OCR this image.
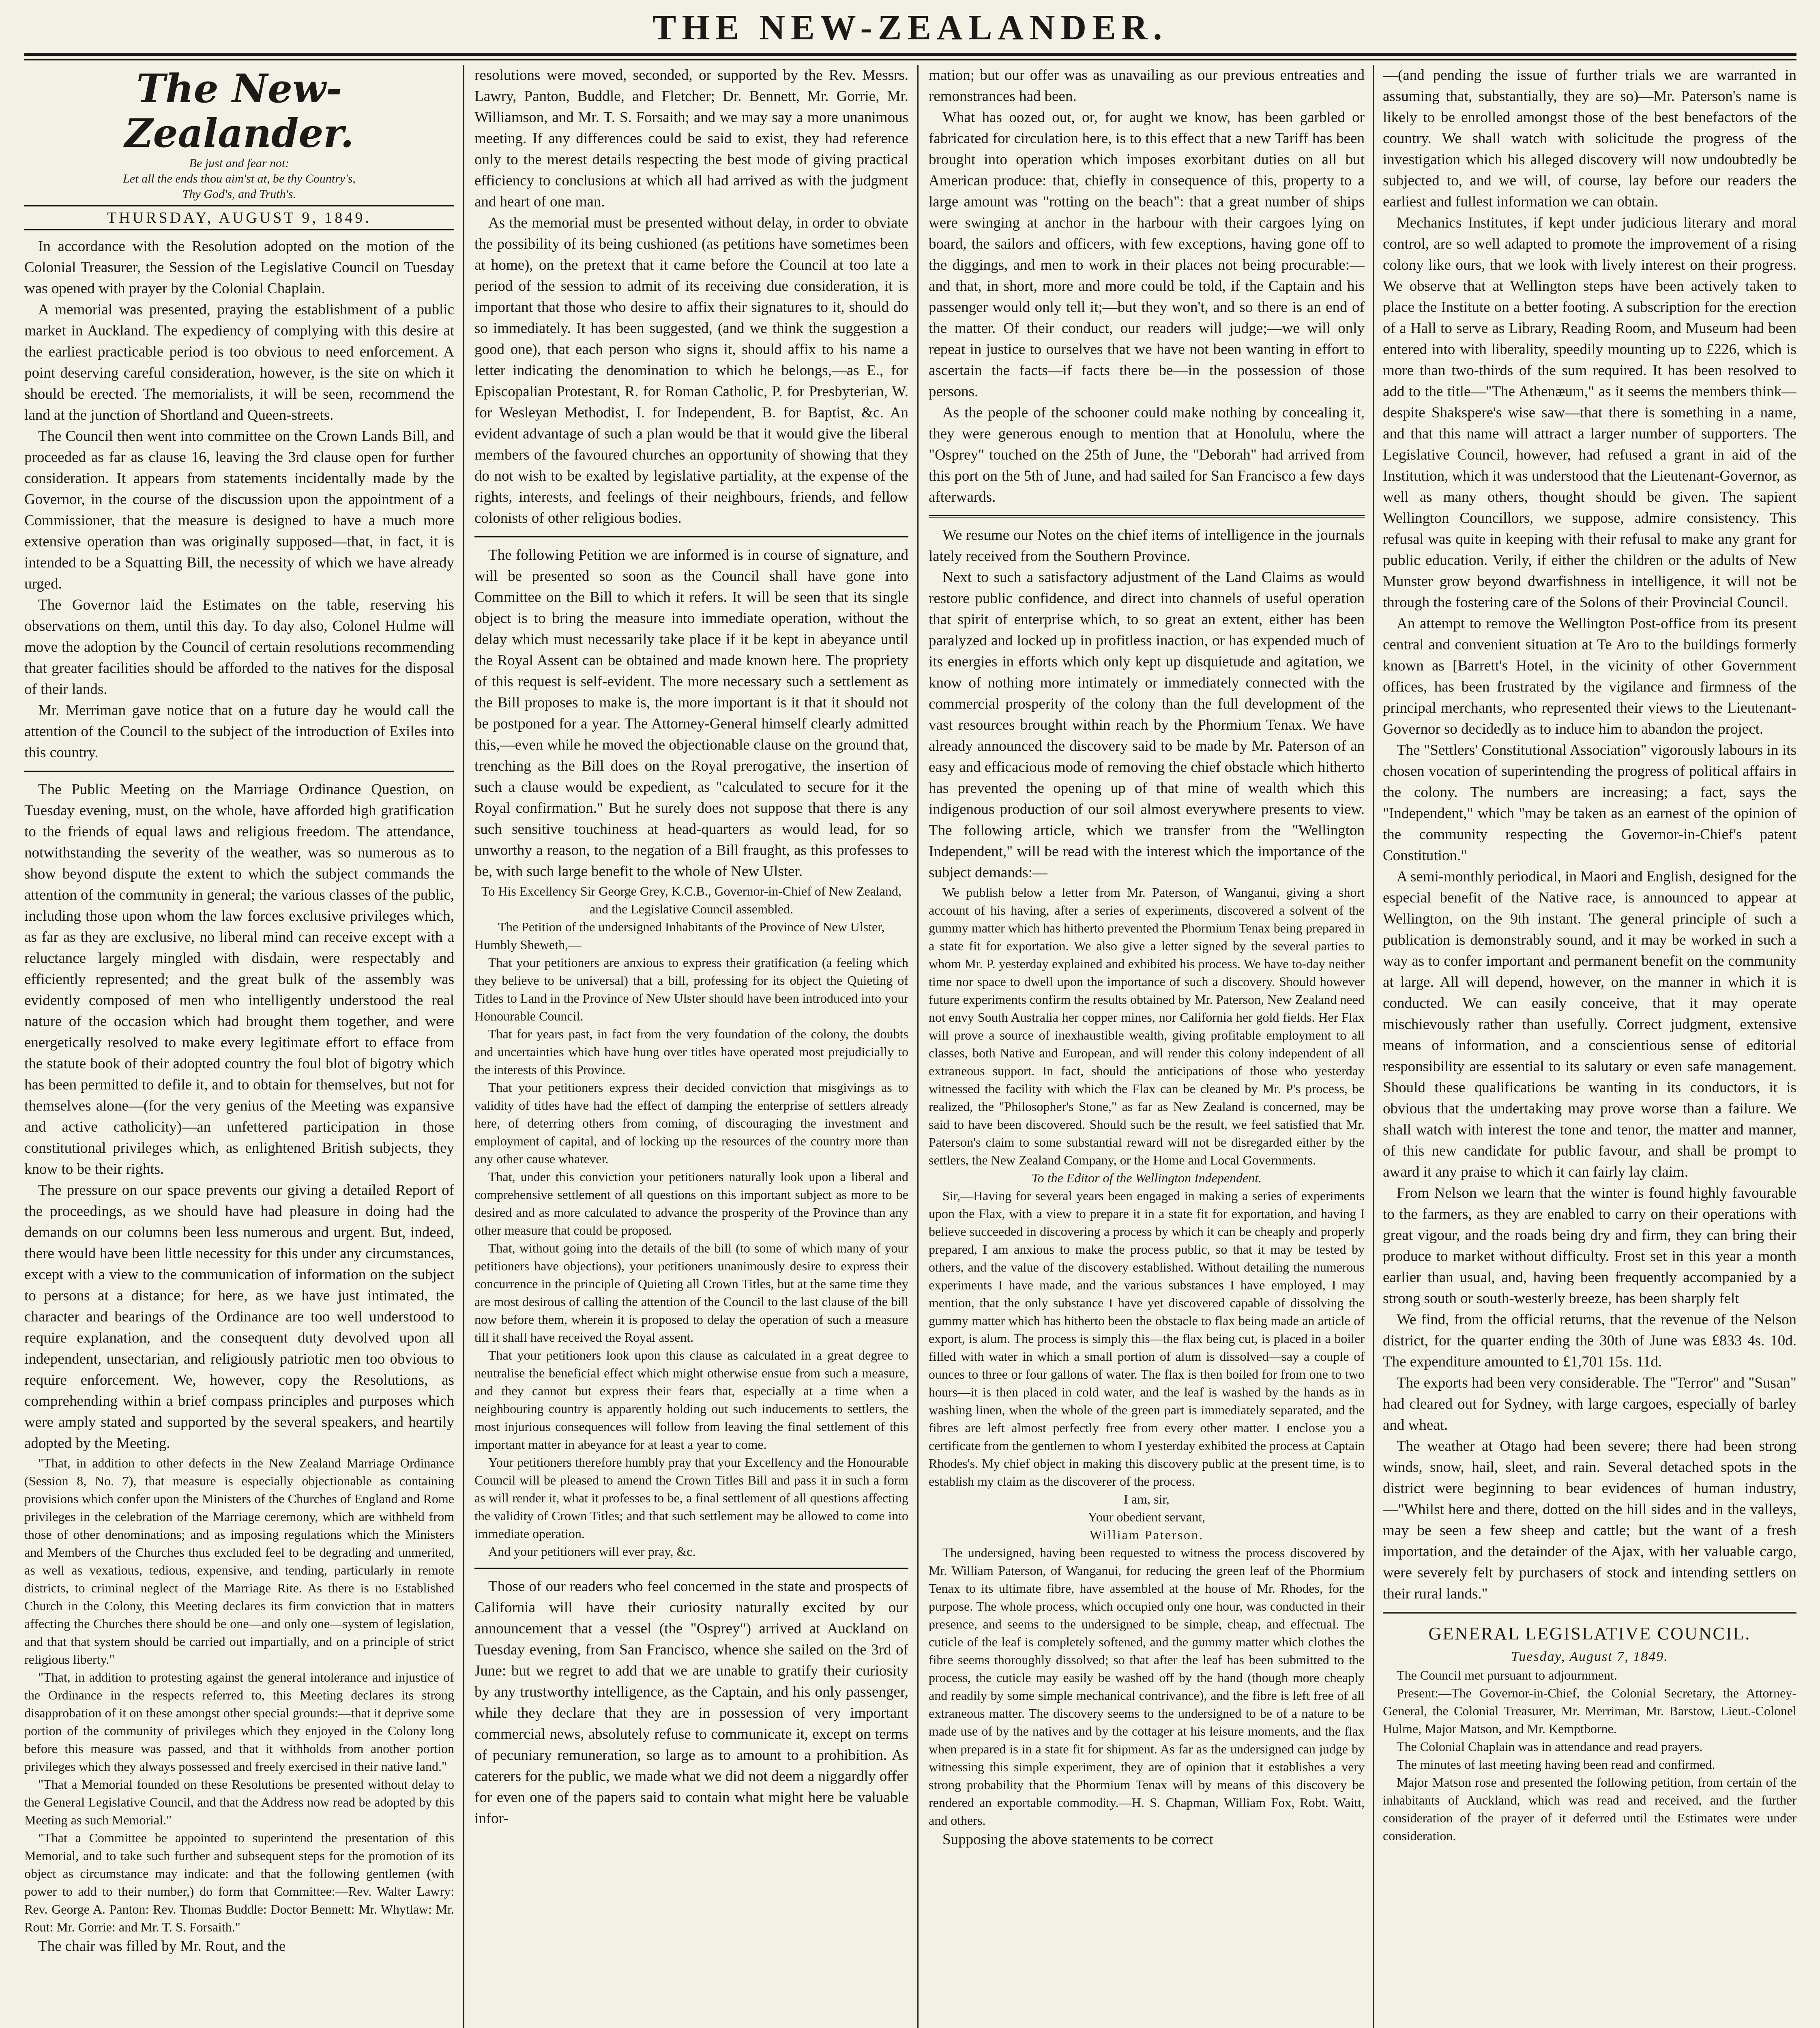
THE NEW-ZEALANDER.
The New-Zealander.
Be just and fear not:
Let all the ends thou aim'st at, be thy Country's,
Thy God's, and Truth's.
THURSDAY, AUGUST 9, 1849.

In accordance with the Resolution adopted on the motion of the Colonial Treasurer, the Session of the Legislative Council on Tuesday was opened with prayer by the Colonial Chaplain.

A memorial was presented, praying the establishment of a public market in Auckland. The expediency of complying with this desire at the earliest practicable period is too obvious to need enforcement. A point deserving careful consideration, however, is the site on which it should be erected. The memorialists, it will be seen, recommend the land at the junction of Shortland and Queen-streets.

The Council then went into committee on the Crown Lands Bill, and proceeded as far as clause 16, leaving the 3rd clause open for further consideration. It appears from statements incidentally made by the Governor, in the course of the discussion upon the appointment of a Commissioner, that the measure is designed to have a much more extensive operation than was originally supposed—that, in fact, it is intended to be a Squatting Bill, the necessity of which we have already urged.

The Governor laid the Estimates on the table, reserving his observations on them, until this day. To day also, Colonel Hulme will move the adoption by the Council of certain resolutions recommending that greater facilities should be afforded to the natives for the disposal of their lands.

Mr. Merriman gave notice that on a future day he would call the attention of the Council to the subject of the introduction of Exiles into this country.

The Public Meeting on the Marriage Ordinance Question, on Tuesday evening, must, on the whole, have afforded high gratification to the friends of equal laws and religious freedom. The attendance, notwithstanding the severity of the weather, was so numerous as to show beyond dispute the extent to which the subject commands the attention of the community in general; the various classes of the public, including those upon whom the law forces exclusive privileges which, as far as they are exclusive, no liberal mind can receive except with a reluctance largely mingled with disdain, were respectably and efficiently represented; and the great bulk of the assembly was evidently composed of men who intelligently understood the real nature of the occasion which had brought them together, and were energetically resolved to make every legitimate effort to efface from the statute book of their adopted country the foul blot of bigotry which has been permitted to defile it, and to obtain for themselves, but not for themselves alone—(for the very genius of the Meeting was expansive and active catholicity)—an unfettered participation in those constitutional privileges which, as enlightened British subjects, they know to be their rights.

The pressure on our space prevents our giving a detailed Report of the proceedings, as we should have had pleasure in doing had the demands on our columns been less numerous and urgent. But, indeed, there would have been little necessity for this under any circumstances, except with a view to the communication of information on the subject to persons at a distance; for here, as we have just intimated, the character and bearings of the Ordinance are too well understood to require explanation, and the consequent duty devolved upon all independent, unsectarian, and religiously patriotic men too obvious to require enforcement. We, however, copy the Resolutions, as comprehending within a brief compass principles and purposes which were amply stated and supported by the several speakers, and heartily adopted by the Meeting.

"That, in addition to other defects in the New Zealand Marriage Ordinance (Session 8, No. 7), that measure is especially objectionable as containing provisions which confer upon the Ministers of the Churches of England and Rome privileges in the celebration of the Marriage ceremony, which are withheld from those of other denominations; and as imposing regulations which the Ministers and Members of the Churches thus excluded feel to be degrading and unmerited, as well as vexatious, tedious, expensive, and tending, particularly in remote districts, to criminal neglect of the Marriage Rite. As there is no Established Church in the Colony, this Meeting declares its firm conviction that in matters affecting the Churches there should be one—and only one—system of legislation, and that that system should be carried out impartially, and on a principle of strict religious liberty."

"That, in addition to protesting against the general intolerance and injustice of the Ordinance in the respects referred to, this Meeting declares its strong disapprobation of it on these amongst other special grounds:—that it deprive some portion of the community of privileges which they enjoyed in the Colony long before this measure was passed, and that it withholds from another portion privileges which they always possessed and freely exercised in their native land."

"That a Memorial founded on these Resolutions be presented without delay to the General Legislative Council, and that the Address now read be adopted by this Meeting as such Memorial."

"That a Committee be appointed to superintend the presentation of this Memorial, and to take such further and subsequent steps for the promotion of its object as circumstance may indicate: and that the following gentlemen (with power to add to their number,) do form that Committee:—Rev. Walter Lawry: Rev. George A. Panton: Rev. Thomas Buddle: Doctor Bennett: Mr. Whytlaw: Mr. Rout: Mr. Gorrie: and Mr. T. S. Forsaith."

The chair was filled by Mr. Rout, and the

resolutions were moved, seconded, or supported by the Rev. Messrs. Lawry, Panton, Buddle, and Fletcher; Dr. Bennett, Mr. Gorrie, Mr. Williamson, and Mr. T. S. Forsaith; and we may say a more unanimous meeting. If any differences could be said to exist, they had reference only to the merest details respecting the best mode of giving practical efficiency to conclusions at which all had arrived as with the judgment and heart of one man.

As the memorial must be presented without delay, in order to obviate the possibility of its being cushioned (as petitions have sometimes been at home), on the pretext that it came before the Council at too late a period of the session to admit of its receiving due consideration, it is important that those who desire to affix their signatures to it, should do so immediately. It has been suggested, (and we think the suggestion a good one), that each person who signs it, should affix to his name a letter indicating the denomination to which he belongs,—as E., for Episcopalian Protestant, R. for Roman Catholic, P. for Presbyterian, W. for Wesleyan Methodist, I. for Independent, B. for Baptist, &c. An evident advantage of such a plan would be that it would give the liberal members of the favoured churches an opportunity of showing that they do not wish to be exalted by legislative partiality, at the expense of the rights, interests, and feelings of their neighbours, friends, and fellow colonists of other religious bodies.

The following Petition we are informed is in course of signature, and will be presented so soon as the Council shall have gone into Committee on the Bill to which it refers. It will be seen that its single object is to bring the measure into immediate operation, without the delay which must necessarily take place if it be kept in abeyance until the Royal Assent can be obtained and made known here. The propriety of this request is self-evident. The more necessary such a settlement as the Bill proposes to make is, the more important is it that it should not be postponed for a year. The Attorney-General himself clearly admitted this,—even while he moved the objectionable clause on the ground that, trenching as the Bill does on the Royal prerogative, the insertion of such a clause would be expedient, as "calculated to secure for it the Royal confirmation." But he surely does not suppose that there is any such sensitive touchiness at head-quarters as would lead, for so unworthy a reason, to the negation of a Bill fraught, as this professes to be, with such large benefit to the whole of New Ulster.

To His Excellency Sir George Grey, K.C.B., Governor-in-Chief of New Zealand, and the Legislative Council assembled.

The Petition of the undersigned Inhabitants of the Province of New Ulster,

Humbly Sheweth,—

That your petitioners are anxious to express their gratification (a feeling which they believe to be universal) that a bill, professing for its object the Quieting of Titles to Land in the Province of New Ulster should have been introduced into your Honourable Council.

That for years past, in fact from the very foundation of the colony, the doubts and uncertainties which have hung over titles have operated most prejudicially to the interests of this Province.

That your petitioners express their decided conviction that misgivings as to validity of titles have had the effect of damping the enterprise of settlers already here, of deterring others from coming, of discouraging the investment and employment of capital, and of locking up the resources of the country more than any other cause whatever.

That, under this conviction your petitioners naturally look upon a liberal and comprehensive settlement of all questions on this important subject as more to be desired and as more calculated to advance the prosperity of the Province than any other measure that could be proposed.

That, without going into the details of the bill (to some of which many of your petitioners have objections), your petitioners unanimously desire to express their concurrence in the principle of Quieting all Crown Titles, but at the same time they are most desirous of calling the attention of the Council to the last clause of the bill now before them, wherein it is proposed to delay the operation of such a measure till it shall have received the Royal assent.

That your petitioners look upon this clause as calculated in a great degree to neutralise the beneficial effect which might otherwise ensue from such a measure, and they cannot but express their fears that, especially at a time when a neighbouring country is apparently holding out such inducements to settlers, the most injurious consequences will follow from leaving the final settlement of this important matter in abeyance for at least a year to come.

Your petitioners therefore humbly pray that your Excellency and the Honourable Council will be pleased to amend the Crown Titles Bill and pass it in such a form as will render it, what it professes to be, a final settlement of all questions affecting the validity of Crown Titles; and that such settlement may be allowed to come into immediate operation.

And your petitioners will ever pray, &c.

Those of our readers who feel concerned in the state and prospects of California will have their curiosity naturally excited by our announcement that a vessel (the "Osprey") arrived at Auckland on Tuesday evening, from San Francisco, whence she sailed on the 3rd of June: but we regret to add that we are unable to gratify their curiosity by any trustworthy intelligence, as the Captain, and his only passenger, while they declare that they are in possession of very important commercial news, absolutely refuse to communicate it, except on terms of pecuniary remuneration, so large as to amount to a prohibition. As caterers for the public, we made what we did not deem a niggardly offer for even one of the papers said to contain what might here be valuable infor-

mation; but our offer was as unavailing as our previous entreaties and remonstrances had been.

What has oozed out, or, for aught we know, has been garbled or fabricated for circulation here, is to this effect that a new Tariff has been brought into operation which imposes exorbitant duties on all but American produce: that, chiefly in consequence of this, property to a large amount was "rotting on the beach": that a great number of ships were swinging at anchor in the harbour with their cargoes lying on board, the sailors and officers, with few exceptions, having gone off to the diggings, and men to work in their places not being procurable:—and that, in short, more and more could be told, if the Captain and his passenger would only tell it;—but they won't, and so there is an end of the matter. Of their conduct, our readers will judge;—we will only repeat in justice to ourselves that we have not been wanting in effort to ascertain the facts—if facts there be—in the possession of those persons.

As the people of the schooner could make nothing by concealing it, they were generous enough to mention that at Honolulu, where the "Osprey" touched on the 25th of June, the "Deborah" had arrived from this port on the 5th of June, and had sailed for San Francisco a few days afterwards.

We resume our Notes on the chief items of intelligence in the journals lately received from the Southern Province.

Next to such a satisfactory adjustment of the Land Claims as would restore public confidence, and direct into channels of useful operation that spirit of enterprise which, to so great an extent, either has been paralyzed and locked up in profitless inaction, or has expended much of its energies in efforts which only kept up disquietude and agitation, we know of nothing more intimately or immediately connected with the commercial prosperity of the colony than the full development of the vast resources brought within reach by the Phormium Tenax. We have already announced the discovery said to be made by Mr. Paterson of an easy and efficacious mode of removing the chief obstacle which hitherto has prevented the opening up of that mine of wealth which this indigenous production of our soil almost everywhere presents to view. The following article, which we transfer from the "Wellington Independent," will be read with the interest which the importance of the subject demands:—

We publish below a letter from Mr. Paterson, of Wanganui, giving a short account of his having, after a series of experiments, discovered a solvent of the gummy matter which has hitherto prevented the Phormium Tenax being prepared in a state fit for exportation. We also give a letter signed by the several parties to whom Mr. P. yesterday explained and exhibited his process. We have to-day neither time nor space to dwell upon the importance of such a discovery. Should however future experiments confirm the results obtained by Mr. Paterson, New Zealand need not envy South Australia her copper mines, nor California her gold fields. Her Flax will prove a source of inexhaustible wealth, giving profitable employment to all classes, both Native and European, and will render this colony independent of all extraneous support. In fact, should the anticipations of those who yesterday witnessed the facility with which the Flax can be cleaned by Mr. P's process, be realized, the "Philosopher's Stone," as far as New Zealand is concerned, may be said to have been discovered. Should such be the result, we feel satisfied that Mr. Paterson's claim to some substantial reward will not be disregarded either by the settlers, the New Zealand Company, or the Home and Local Governments.

To the Editor of the Wellington Independent.

Sir,—Having for several years been engaged in making a series of experiments upon the Flax, with a view to prepare it in a state fit for exportation, and having I believe succeeded in discovering a process by which it can be cheaply and properly prepared, I am anxious to make the process public, so that it may be tested by others, and the value of the discovery established. Without detailing the numerous experiments I have made, and the various substances I have employed, I may mention, that the only substance I have yet discovered capable of dissolving the gummy matter which has hitherto been the obstacle to flax being made an article of export, is alum. The process is simply this—the flax being cut, is placed in a boiler filled with water in which a small portion of alum is dissolved—say a couple of ounces to three or four gallons of water. The flax is then boiled for from one to two hours—it is then placed in cold water, and the leaf is washed by the hands as in washing linen, when the whole of the green part is immediately separated, and the fibres are left almost perfectly free from every other matter. I enclose you a certificate from the gentlemen to whom I yesterday exhibited the process at Captain Rhodes's. My chief object in making this discovery public at the present time, is to establish my claim as the discoverer of the process.

I am, sir,

Your obedient servant,

William Paterson.

The undersigned, having been requested to witness the process discovered by Mr. William Paterson, of Wanganui, for reducing the green leaf of the Phormium Tenax to its ultimate fibre, have assembled at the house of Mr. Rhodes, for the purpose. The whole process, which occupied only one hour, was conducted in their presence, and seems to the undersigned to be simple, cheap, and effectual. The cuticle of the leaf is completely softened, and the gummy matter which clothes the fibre seems thoroughly dissolved; so that after the leaf has been submitted to the process, the cuticle may easily be washed off by the hand (though more cheaply and readily by some simple mechanical contrivance), and the fibre is left free of all extraneous matter. The discovery seems to the undersigned to be of a nature to be made use of by the natives and by the cottager at his leisure moments, and the flax when prepared is in a state fit for shipment. As far as the undersigned can judge by witnessing this simple experiment, they are of opinion that it establishes a very strong probability that the Phormium Tenax will by means of this discovery be rendered an exportable commodity.—H. S. Chapman, William Fox, Robt. Waitt, and others.

Supposing the above statements to be correct

—(and pending the issue of further trials we are warranted in assuming that, substantially, they are so)—Mr. Paterson's name is likely to be enrolled amongst those of the best benefactors of the country. We shall watch with solicitude the progress of the investigation which his alleged discovery will now undoubtedly be subjected to, and we will, of course, lay before our readers the earliest and fullest information we can obtain.

Mechanics Institutes, if kept under judicious literary and moral control, are so well adapted to promote the improvement of a rising colony like ours, that we look with lively interest on their progress. We observe that at Wellington steps have been actively taken to place the Institute on a better footing. A subscription for the erection of a Hall to serve as Library, Reading Room, and Museum had been entered into with liberality, speedily mounting up to £226, which is more than two-thirds of the sum required. It has been resolved to add to the title—"The Athenæum," as it seems the members think—despite Shakspere's wise saw—that there is something in a name, and that this name will attract a larger number of supporters. The Legislative Council, however, had refused a grant in aid of the Institution, which it was understood that the Lieutenant-Governor, as well as many others, thought should be given. The sapient Wellington Councillors, we suppose, admire consistency. This refusal was quite in keeping with their refusal to make any grant for public education. Verily, if either the children or the adults of New Munster grow beyond dwarfishness in intelligence, it will not be through the fostering care of the Solons of their Provincial Council.

An attempt to remove the Wellington Post-office from its present central and convenient situation at Te Aro to the buildings formerly known as [Barrett's Hotel, in the vicinity of other Government offices, has been frustrated by the vigilance and firmness of the principal merchants, who represented their views to the Lieutenant-Governor so decidedly as to induce him to abandon the project.

The "Settlers' Constitutional Association" vigorously labours in its chosen vocation of superintending the progress of political affairs in the colony. The numbers are increasing; a fact, says the "Independent," which "may be taken as an earnest of the opinion of the community respecting the Governor-in-Chief's patent Constitution."

A semi-monthly periodical, in Maori and English, designed for the especial benefit of the Native race, is announced to appear at Wellington, on the 9th instant. The general principle of such a publication is demonstrably sound, and it may be worked in such a way as to confer important and permanent benefit on the community at large. All will depend, however, on the manner in which it is conducted. We can easily conceive, that it may operate mischievously rather than usefully. Correct judgment, extensive means of information, and a conscientious sense of editorial responsibility are essential to its salutary or even safe management. Should these qualifications be wanting in its conductors, it is obvious that the undertaking may prove worse than a failure. We shall watch with interest the tone and tenor, the matter and manner, of this new candidate for public favour, and shall be prompt to award it any praise to which it can fairly lay claim.

From Nelson we learn that the winter is found highly favourable to the farmers, as they are enabled to carry on their operations with great vigour, and the roads being dry and firm, they can bring their produce to market without difficulty. Frost set in this year a month earlier than usual, and, having been frequently accompanied by a strong south or south-westerly breeze, has been sharply felt

We find, from the official returns, that the revenue of the Nelson district, for the quarter ending the 30th of June was £833 4s. 10d. The expenditure amounted to £1,701 15s. 11d.

The exports had been very considerable. The "Terror" and "Susan" had cleared out for Sydney, with large cargoes, especially of barley and wheat.

The weather at Otago had been severe; there had been strong winds, snow, hail, sleet, and rain. Several detached spots in the district were beginning to bear evidences of human industry,—"Whilst here and there, dotted on the hill sides and in the valleys, may be seen a few sheep and cattle; but the want of a fresh importation, and the detainder of the Ajax, with her valuable cargo, were severely felt by purchasers of stock and intending settlers on their rural lands."

GENERAL LEGISLATIVE COUNCIL.
Tuesday, August 7, 1849.

The Council met pursuant to adjournment.

Present:—The Governor-in-Chief, the Colonial Secretary, the Attorney-General, the Colonial Treasurer, Mr. Merriman, Mr. Barstow, Lieut.-Colonel Hulme, Major Matson, and Mr. Kemptborne.

The Colonial Chaplain was in attendance and read prayers.

The minutes of last meeting having been read and confirmed.

Major Matson rose and presented the following petition, from certain of the inhabitants of Auckland, which was read and received, and the further consideration of the prayer of it deferred until the Estimates were under consideration.
